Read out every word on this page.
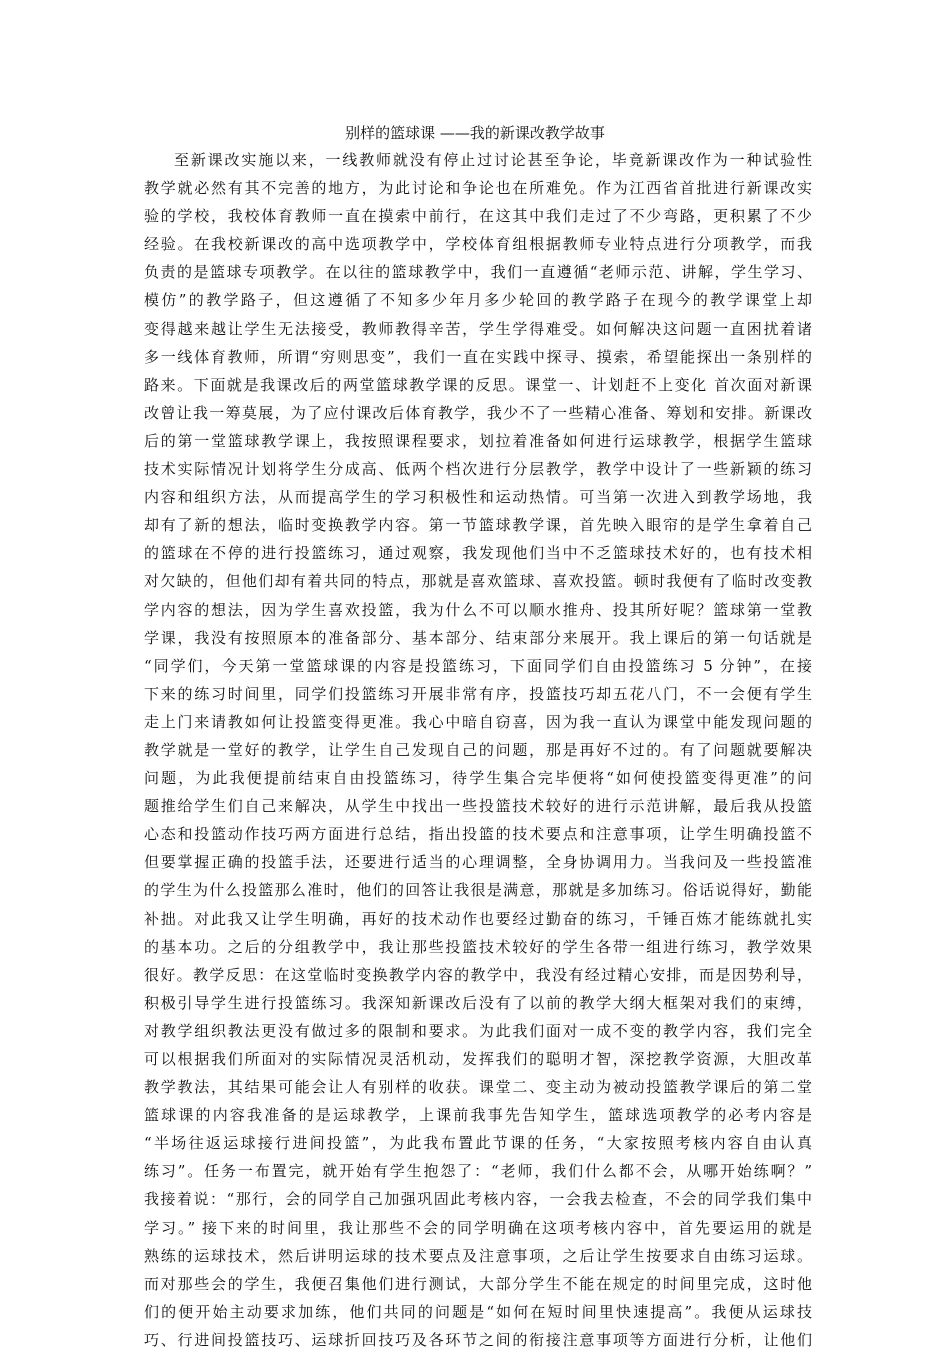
别样的篮球课 ——我的新课改教学故事
至新课改实施以来，一线教师就没有停止过讨论甚至争论，毕竟新课改作为一种试验性
教学就必然有其不完善的地方，为此讨论和争论也在所难免。作为江西省首批进行新课改实
验的学校，我校体育教师一直在摸索中前行，在这其中我们走过了不少弯路，更积累了不少
经验。在我校新课改的高中选项教学中，学校体育组根据教师专业特点进行分项教学，而我
负责的是篮球专项教学。在以往的篮球教学中，我们一直遵循“老师示范、讲解，学生学习、
模仿”的教学路子，但这遵循了不知多少年月多少轮回的教学路子在现今的教学课堂上却
变得越来越让学生无法接受，教师教得辛苦，学生学得难受。如何解决这问题一直困扰着诸
多一线体育教师，所谓“穷则思变”，我们一直在实践中探寻、摸索，希望能探出一条别样的
路来。下面就是我课改后的两堂篮球教学课的反思。课堂一、计划赶不上变化 首次面对新课
改曾让我一筹莫展，为了应付课改后体育教学，我少不了一些精心准备、筹划和安排。新课改
后的第一堂篮球教学课上，我按照课程要求，划拉着准备如何进行运球教学，根据学生篮球
技术实际情况计划将学生分成高、低两个档次进行分层教学，教学中设计了一些新颖的练习
内容和组织方法，从而提高学生的学习积极性和运动热情。可当第一次进入到教学场地，我
却有了新的想法，临时变换教学内容。第一节篮球教学课，首先映入眼帘的是学生拿着自己
的篮球在不停的进行投篮练习，通过观察，我发现他们当中不乏篮球技术好的，也有技术相
对欠缺的，但他们却有着共同的特点，那就是喜欢篮球、喜欢投篮。顿时我便有了临时改变教
学内容的想法，因为学生喜欢投篮，我为什么不可以顺水推舟、投其所好呢？篮球第一堂教
学课，我没有按照原本的准备部分、基本部分、结束部分来展开。我上课后的第一句话就是
“同学们，今天第一堂篮球课的内容是投篮练习，下面同学们自由投篮练习 5 分钟”，在接
下来的练习时间里，同学们投篮练习开展非常有序，投篮技巧却五花八门，不一会便有学生
走上门来请教如何让投篮变得更准。我心中暗自窃喜，因为我一直认为课堂中能发现问题的
教学就是一堂好的教学，让学生自己发现自己的问题，那是再好不过的。有了问题就要解决
问题，为此我便提前结束自由投篮练习，待学生集合完毕便将“如何使投篮变得更准”的问
题推给学生们自己来解决，从学生中找出一些投篮技术较好的进行示范讲解，最后我从投篮
心态和投篮动作技巧两方面进行总结，指出投篮的技术要点和注意事项，让学生明确投篮不
但要掌握正确的投篮手法，还要进行适当的心理调整，全身协调用力。当我问及一些投篮准
的学生为什么投篮那么准时，他们的回答让我很是满意，那就是多加练习。俗话说得好，勤能
补拙。对此我又让学生明确，再好的技术动作也要经过勤奋的练习，千锤百炼才能练就扎实
的基本功。之后的分组教学中，我让那些投篮技术较好的学生各带一组进行练习，教学效果
很好。教学反思：在这堂临时变换教学内容的教学中，我没有经过精心安排，而是因势利导，
积极引导学生进行投篮练习。我深知新课改后没有了以前的教学大纲大框架对我们的束缚，
对教学组织教法更没有做过多的限制和要求。为此我们面对一成不变的教学内容，我们完全
可以根据我们所面对的实际情况灵活机动，发挥我们的聪明才智，深挖教学资源，大胆改革
教学教法，其结果可能会让人有别样的收获。课堂二、变主动为被动投篮教学课后的第二堂
篮球课的内容我准备的是运球教学，上课前我事先告知学生，篮球选项教学的必考内容是
“半场往返运球接行进间投篮”，为此我布置此节课的任务，“大家按照考核内容自由认真
练习”。任务一布置完，就开始有学生抱怨了：“老师，我们什么都不会，从哪开始练啊？”
我接着说：“那行，会的同学自己加强巩固此考核内容，一会我去检查，不会的同学我们集中
学习。” 接下来的时间里，我让那些不会的同学明确在这项考核内容中，首先要运用的就是
熟练的运球技术，然后讲明运球的技术要点及注意事项，之后让学生按要求自由练习运球。
而对那些会的学生，我便召集他们进行测试，大部分学生不能在规定的时间里完成，这时他
们的便开始主动要求加练，他们共同的问题是“如何在短时间里快速提高”。我便从运球技
巧、行进间投篮技巧、运球折回技巧及各环节之间的衔接注意事项等方面进行分析，让他们
